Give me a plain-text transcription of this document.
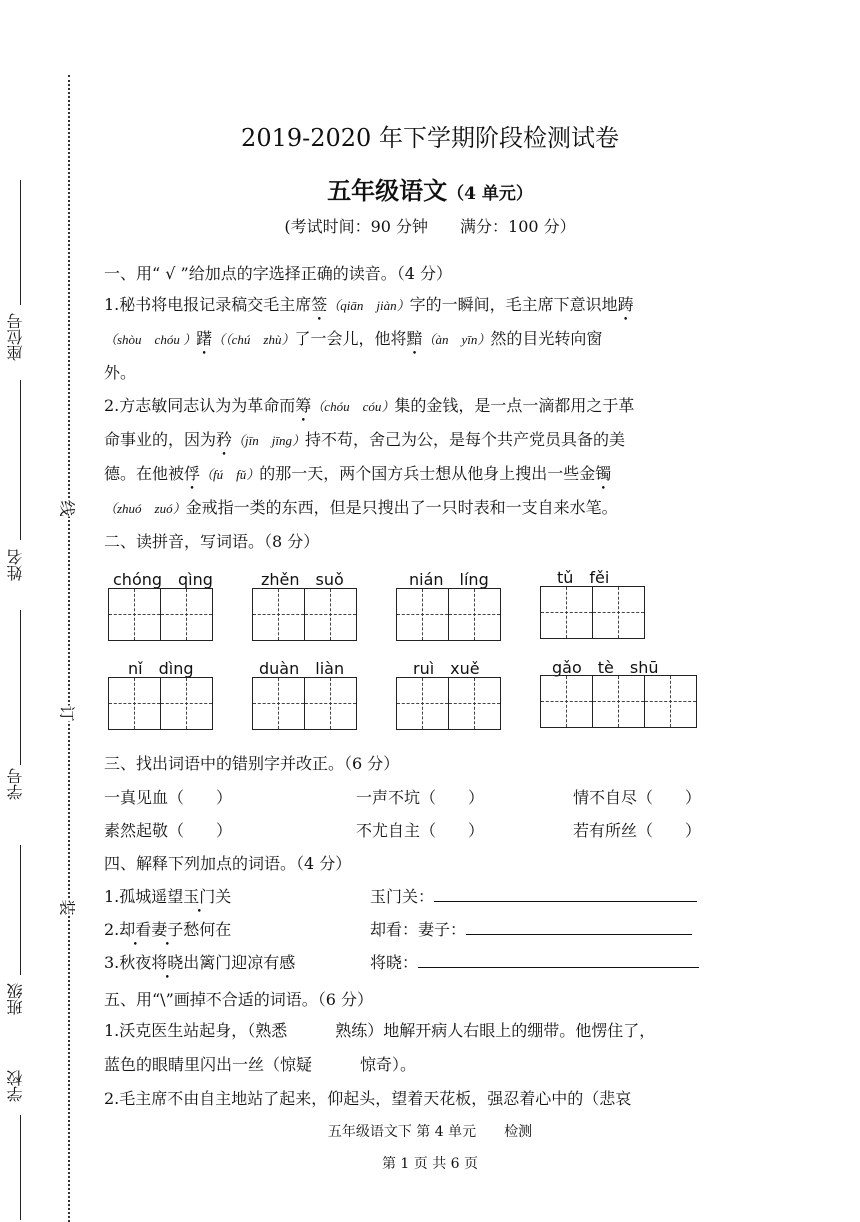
座位号
姓名
学号
班级
学校
线
订
装
2019-2020 年下学期阶段检测试卷
五年级语文（4 单元）
(考试时间：90 分钟　　满分：100 分）
一、用“ √ ”给加点的字选择正确的读音。（4 分）
1.秘书将电报记录稿交毛主席签（qiān　jiàn）字的一瞬间，毛主席下意识地踌
（shòu　chóu ）躇（（chú　zhù）了一会儿，他将黯（àn　yīn）然的目光转向窗
外。
2.方志敏同志认为为革命而筹（chóu　cóu）集的金钱，是一点一滴都用之于革
命事业的，因为矜（jīn　jīng）持不苟，舍己为公，是每个共产党员具备的美
德。在他被俘（fú　fǔ）的那一天，两个国方兵士想从他身上搜出一些金镯
（zhuó　zuó）金戒指一类的东西，但是只搜出了一只时表和一支自来水笔。
二、读拼音，写词语。（8 分）
chóng　qìng	zhěn　suǒ	nián　líng	tǔ　fěi
nǐ　dìng	duàn　liàn	ruì　xuě	gǎo　tè　shū
三、找出词语中的错别字并改正。（6 分）
一真见血（　　）	一声不坑（　　）	情不自尽（　　）
素然起敬（　　）	不尤自主（　　）	若有所丝（　　）
四、解释下列加点的词语。（4 分）
1.孤城遥望玉门关	玉门关：
2.却看妻子愁何在	却看：妻子：
3.秋夜将晓出篱门迎凉有感	将晓：
五、用“\”画掉不合适的词语。（6 分）
1.沃克医生站起身，（熟悉　　　熟练）地解开病人右眼上的绷带。他愣住了，
蓝色的眼睛里闪出一丝（惊疑　　　惊奇）。
2.毛主席不由自主地站了起来，仰起头，望着天花板，强忍着心中的（悲哀
五年级语文下 第 4 单元　　检测
第 1 页 共 6 页
